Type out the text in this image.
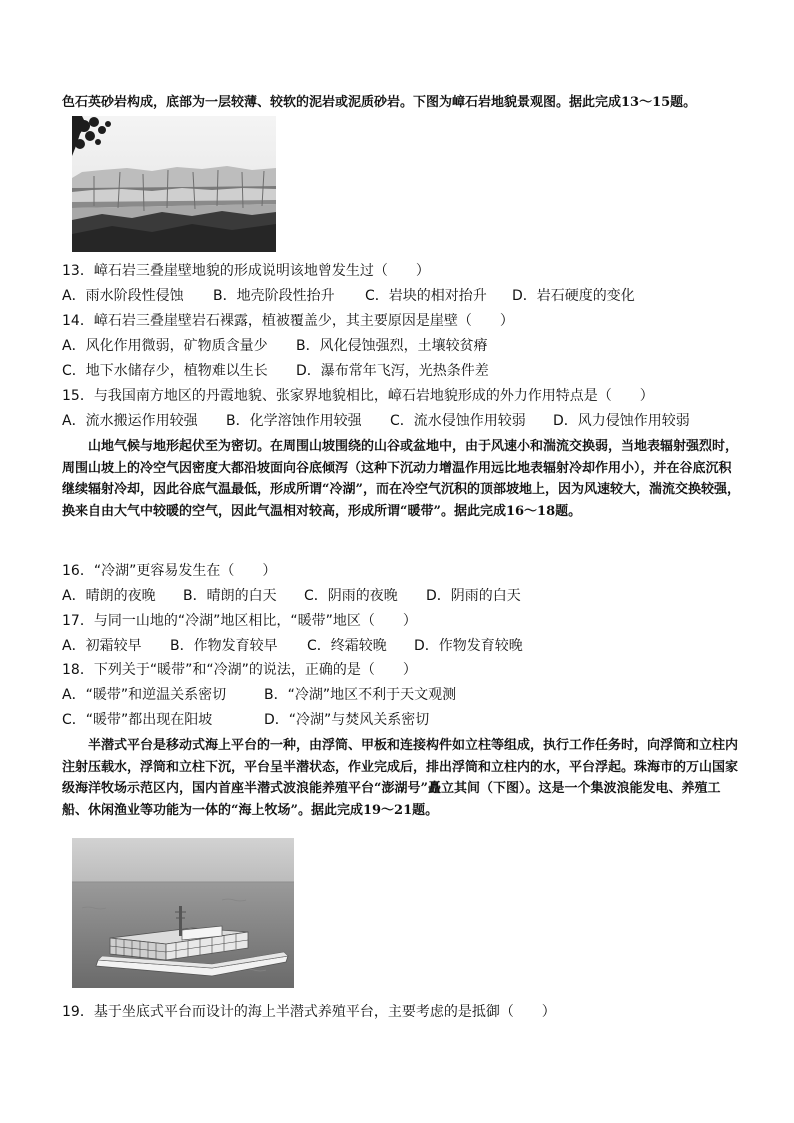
色石英砂岩构成，底部为一层较薄、较软的泥岩或泥质砂岩。下图为嶂石岩地貌景观图。据此完成13～15题。
13．嶂石岩三叠崖壁地貌的形成说明该地曾发生过（　　）
A．雨水阶段性侵蚀 B．地壳阶段性抬升 C．岩块的相对抬升 D．岩石硬度的变化
14．嶂石岩三叠崖壁岩石裸露，植被覆盖少，其主要原因是崖壁（　　）
A．风化作用微弱，矿物质含量少 B．风化侵蚀强烈，土壤较贫瘠
C．地下水储存少，植物难以生长 D．瀑布常年飞泻，光热条件差
15．与我国南方地区的丹霞地貌、张家界地貌相比，嶂石岩地貌形成的外力作用特点是（　　）
A．流水搬运作用较强 B．化学溶蚀作用较强 C．流水侵蚀作用较弱 D．风力侵蚀作用较弱
山地气候与地形起伏至为密切。在周围山坡围绕的山谷或盆地中，由于风速小和湍流交换弱，当地表辐射强烈时，周围山坡上的冷空气因密度大都沿坡面向谷底倾泻（这种下沉动力增温作用远比地表辐射冷却作用小），并在谷底沉积继续辐射冷却，因此谷底气温最低，形成所谓“冷湖”，而在冷空气沉积的顶部坡地上，因为风速较大，湍流交换较强，换来自由大气中较暖的空气，因此气温相对较高，形成所谓“暖带”。据此完成16～18题。
16．“冷湖”更容易发生在（　　）
A．晴朗的夜晚 B．晴朗的白天 C．阴雨的夜晚 D．阴雨的白天
17．与同一山地的“冷湖”地区相比，“暖带”地区（　　）
A．初霜较早 B．作物发育较早 C．终霜较晚 D．作物发育较晚
18．下列关于“暖带”和“冷湖”的说法，正确的是（　　）
A．“暖带”和逆温关系密切	B．“冷湖”地区不利于天文观测
C．“暖带”都出现在阳坡	D．“冷湖”与焚风关系密切
半潜式平台是移动式海上平台的一种，由浮筒、甲板和连接构件如立柱等组成，执行工作任务时，向浮筒和立柱内注射压载水，浮筒和立柱下沉，平台呈半潜状态，作业完成后，排出浮筒和立柱内的水，平台浮起。珠海市的万山国家级海洋牧场示范区内，国内首座半潜式波浪能养殖平台“澎湖号”矗立其间（下图）。这是一个集波浪能发电、养殖工船、休闲渔业等功能为一体的“海上牧场”。据此完成19～21题。
19．基于坐底式平台而设计的海上半潜式养殖平台，主要考虑的是抵御（　　）
